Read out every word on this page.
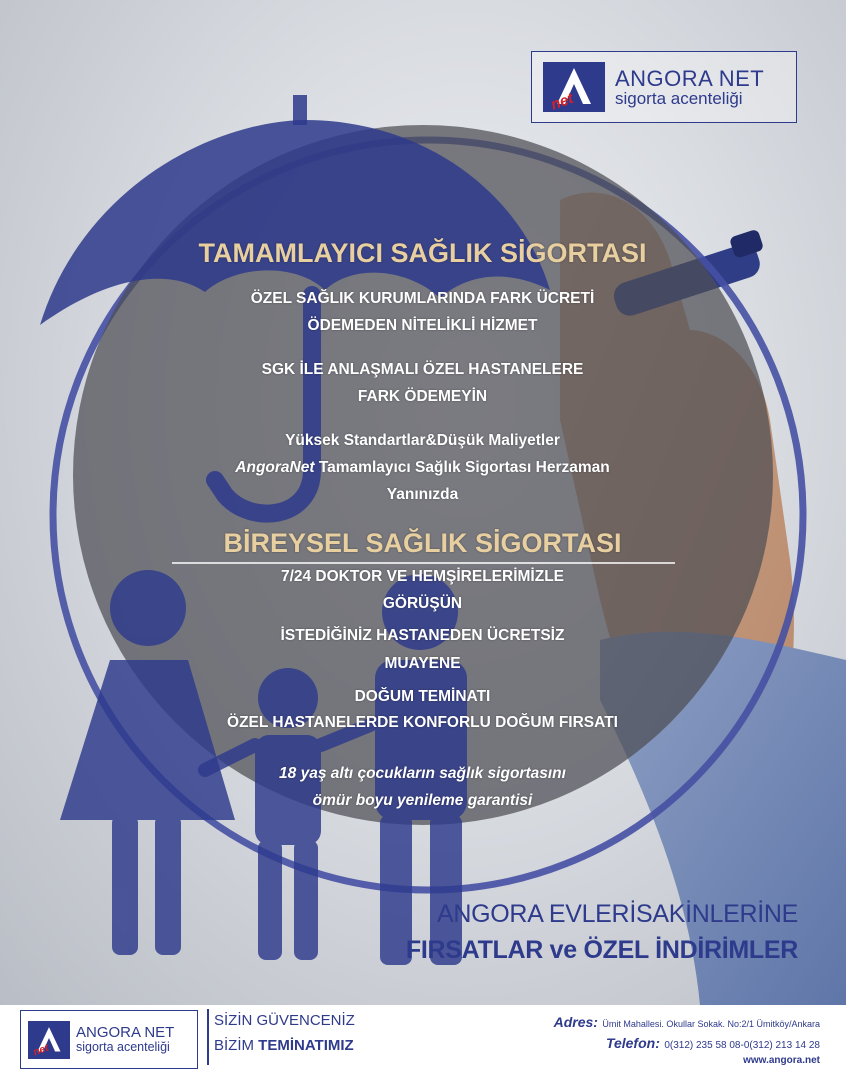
net
ANGORA NET
sigorta acenteliği
TAMAMLAYICI SAĞLIK SİGORTASI
ÖZEL SAĞLIK KURUMLARINDA FARK ÜCRETİ
ÖDEMEDEN NİTELİKLİ HİZMET
SGK İLE ANLAŞMALI ÖZEL HASTANELERE
FARK ÖDEMEYİN
Yüksek Standartlar&Düşük Maliyetler
AngoraNet Tamamlayıcı Sağlık Sigortası Herzaman
Yanınızda
BİREYSEL SAĞLIK SİGORTASI
7/24 DOKTOR VE HEMŞİRELERİMİZLE
GÖRÜŞÜN
İSTEDİĞİNİZ HASTANEDEN ÜCRETSİZ
MUAYENE
DOĞUM TEMİNATI
ÖZEL HASTANELERDE KONFORLU DOĞUM FIRSATI
18 yaş altı çocukların sağlık sigortasını
ömür boyu yenileme garantisi
ANGORA EVLERİSAKİNLERİNE
FIRSATLAR ve ÖZEL İNDİRİMLER
net
ANGORA NET
sigorta acenteliği
SİZİN GÜVENCENİZ
BİZİM TEMİNATIMIZ
Adres: Ümit Mahallesi. Okullar Sokak. No:2/1 Ümitköy/Ankara
Telefon: 0(312) 235 58 08-0(312) 213 14 28
www.angora.net
